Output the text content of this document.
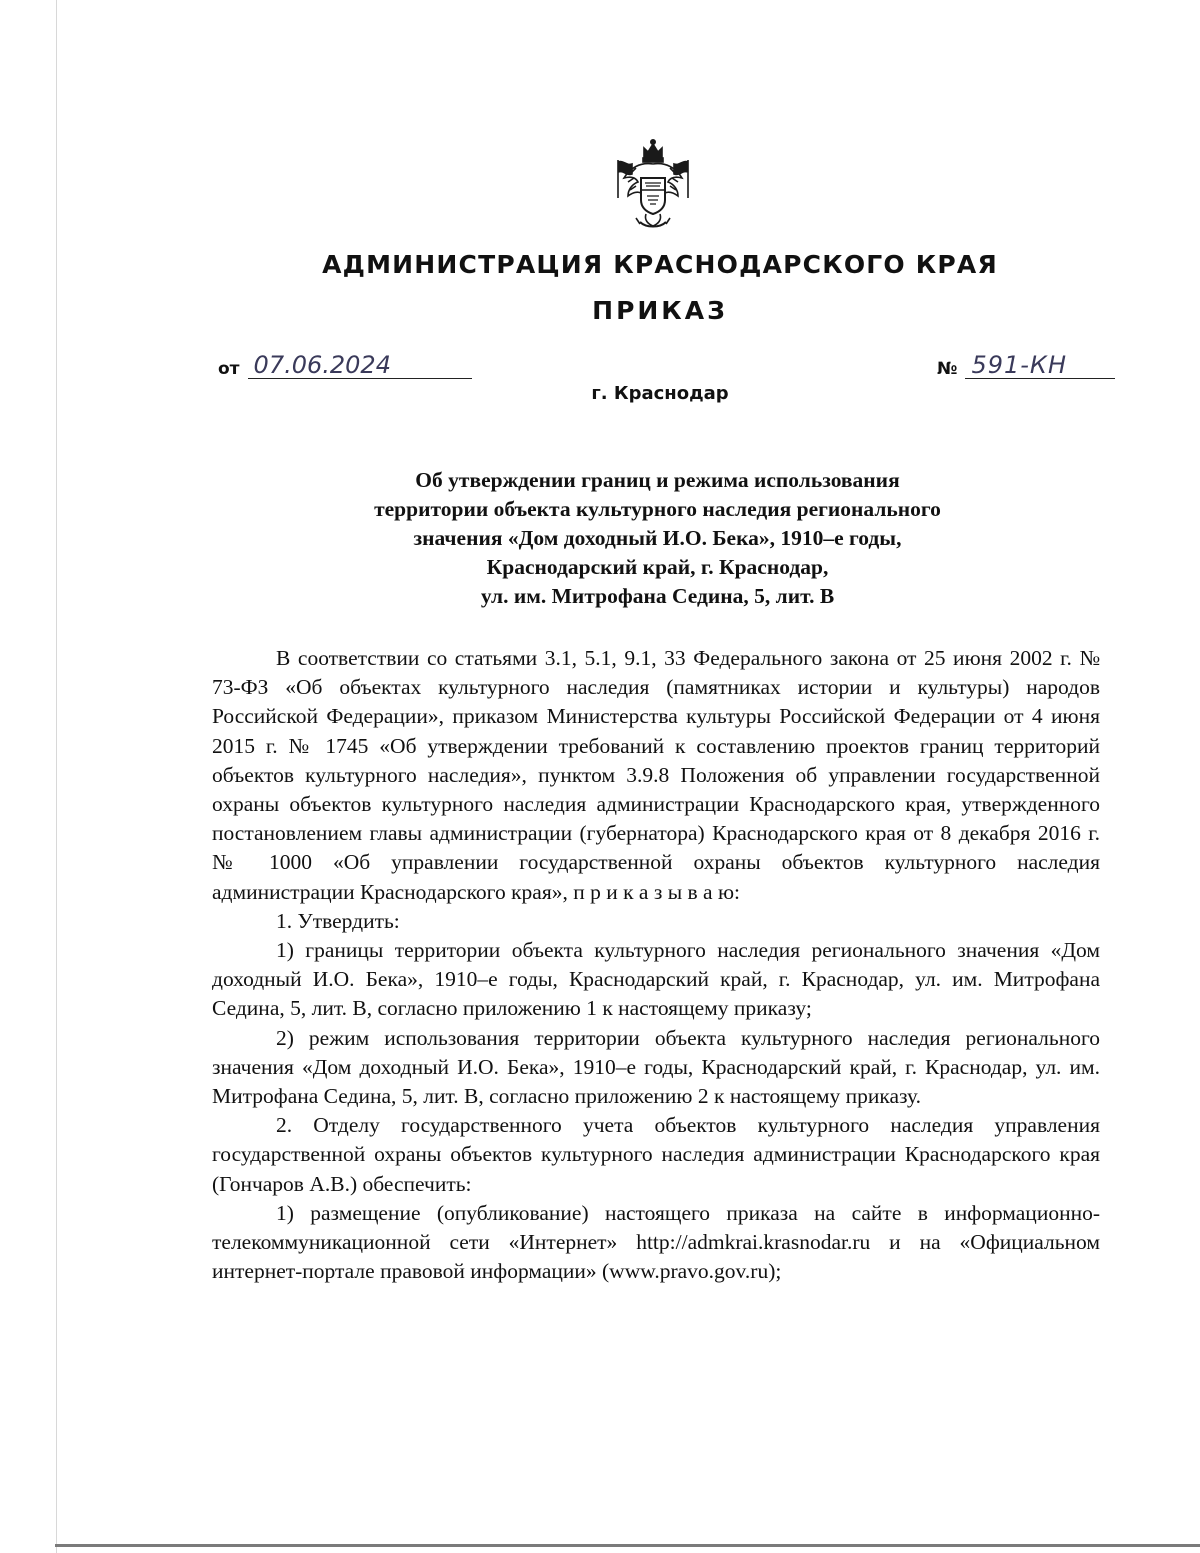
АДМИНИСТРАЦИЯ КРАСНОДАРСКОГО КРАЯ
ПРИКАЗ
от 07.06.2024	№ 591-КН
г. Краснодар
Об утверждении границ и режима использования
территории объекта культурного наследия регионального
значения «Дом доходный И.О. Бека», 1910–е годы,
Краснодарский край, г. Краснодар,
ул. им. Митрофана Седина, 5, лит. В
В соответствии со статьями 3.1, 5.1, 9.1, 33 Федерального закона от 25 июня 2002 г. № 73-ФЗ «Об объектах культурного наследия (памятниках истории и культуры) народов Российской Федерации», приказом Министерства культуры Российской Федерации от 4 июня 2015 г. № 1745 «Об утверждении требований к составлению проектов границ территорий объектов культурного наследия», пунктом 3.9.8 Положения об управлении государственной охраны объектов культурного наследия администрации Краснодарского края, утвержденного постановлением главы администрации (губернатора) Краснодарского края от 8 декабря 2016 г. № 1000 «Об управлении государственной охраны объектов культурного наследия администрации Краснодарского края», п р и к а з ы в а ю:
1. Утвердить:
1) границы территории объекта культурного наследия регионального значения «Дом доходный И.О. Бека», 1910–е годы, Краснодарский край, г. Краснодар, ул. им. Митрофана Седина, 5, лит. В, согласно приложению 1 к настоящему приказу;
2) режим использования территории объекта культурного наследия регионального значения «Дом доходный И.О. Бека», 1910–е годы, Краснодарский край, г. Краснодар, ул. им. Митрофана Седина, 5, лит. В, согласно приложению 2 к настоящему приказу.
2. Отделу государственного учета объектов культурного наследия управления государственной охраны объектов культурного наследия администрации Краснодарского края (Гончаров А.В.) обеспечить:
1) размещение (опубликование) настоящего приказа на сайте в информационно-телекоммуникационной сети «Интернет» http://admkrai.krasnodar.ru и на «Официальном интернет-портале правовой информации» (www.pravo.gov.ru);
